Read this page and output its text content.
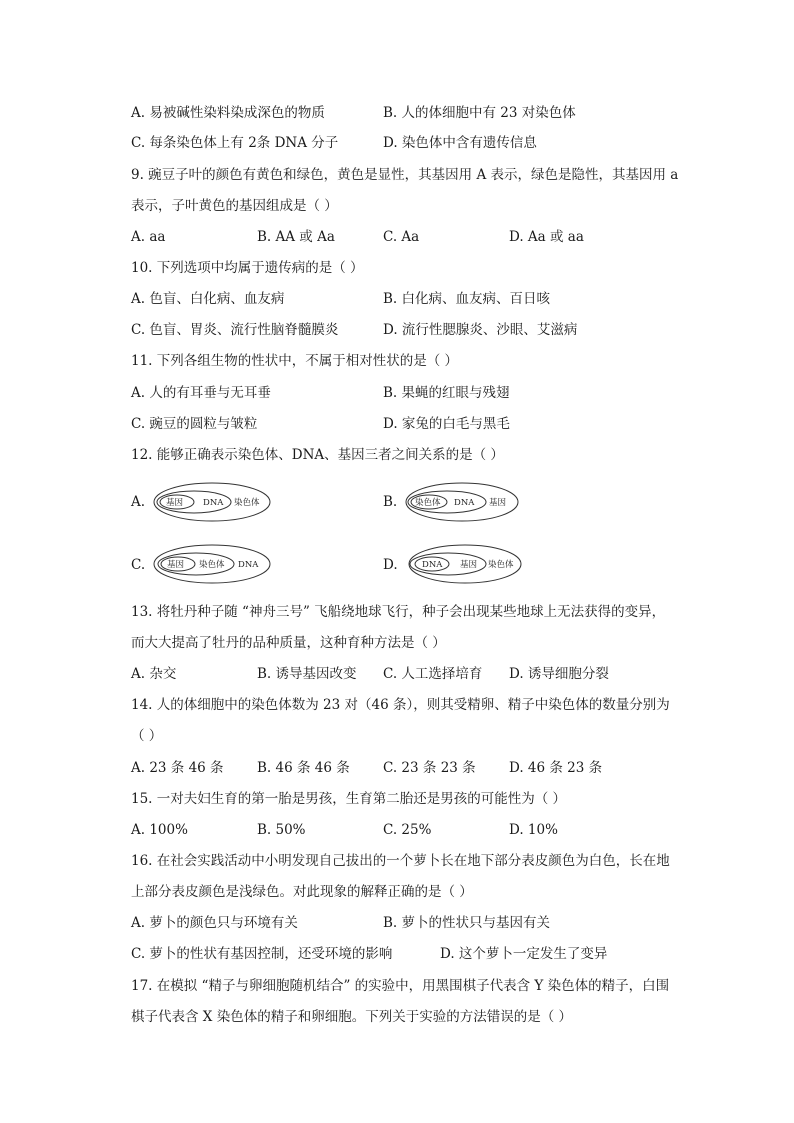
A. 易被碱性染料染成深色的物质	B. 人的体细胞中有 23 对染色体
C. 每条染色体上有 2条 DNA 分子	D. 染色体中含有遗传信息
9. 豌豆子叶的颜色有黄色和绿色，黄色是显性，其基因用 A 表示，绿色是隐性，其基因用 a
表示，子叶黄色的基因组成是（ ）
A. aa	B. AA 或 Aa	C. Aa	D. Aa 或 aa
10. 下列选项中均属于遗传病的是（ ）
A. 色盲、白化病、血友病	B. 白化病、血友病、百日咳
C. 色盲、胃炎、流行性脑脊髓膜炎	D. 流行性腮腺炎、沙眼、艾滋病
11. 下列各组生物的性状中，不属于相对性状的是（ ）
A. 人的有耳垂与无耳垂	B. 果蝇的红眼与残翅
C. 豌豆的圆粒与皱粒	D. 家兔的白毛与黑毛
12. 能够正确表示染色体、DNA、基因三者之间关系的是（ ）
A. 基因 DNA 染色体	B. 染色体 DNA 基因
C.	基因 染色体 DNA	D.	DNA 基因 染色体
13. 将牡丹种子随 “神舟三号” 飞船绕地球飞行，种子会出现某些地球上无法获得的变异，
而大大提高了牡丹的品种质量，这种育种方法是（ ）
A. 杂交	B. 诱导基因改变 C. 人工选择培育 D. 诱导细胞分裂
14. 人的体细胞中的染色体数为 23 对（46 条），则其受精卵、精子中染色体的数量分别为
（ ）
A. 23 条 46 条 B. 46 条 46 条 C. 23 条 23 条 D. 46 条 23 条
15. 一对夫妇生育的第一胎是男孩，生育第二胎还是男孩的可能性为（ ）
A. 100%	B. 50%	C. 25%	D. 10%
16. 在社会实践活动中小明发现自己拔出的一个萝卜长在地下部分表皮颜色为白色，长在地
上部分表皮颜色是浅绿色。对此现象的解释正确的是（ ）
A. 萝卜的颜色只与环境有关	B. 萝卜的性状只与基因有关
C. 萝卜的性状有基因控制，还受环境的影响	D. 这个萝卜一定发生了变异
17. 在模拟 “精子与卵细胞随机结合” 的实验中，用黑围棋子代表含 Y 染色体的精子，白围
棋子代表含 X 染色体的精子和卵细胞。下列关于实验的方法错误的是（ ）
